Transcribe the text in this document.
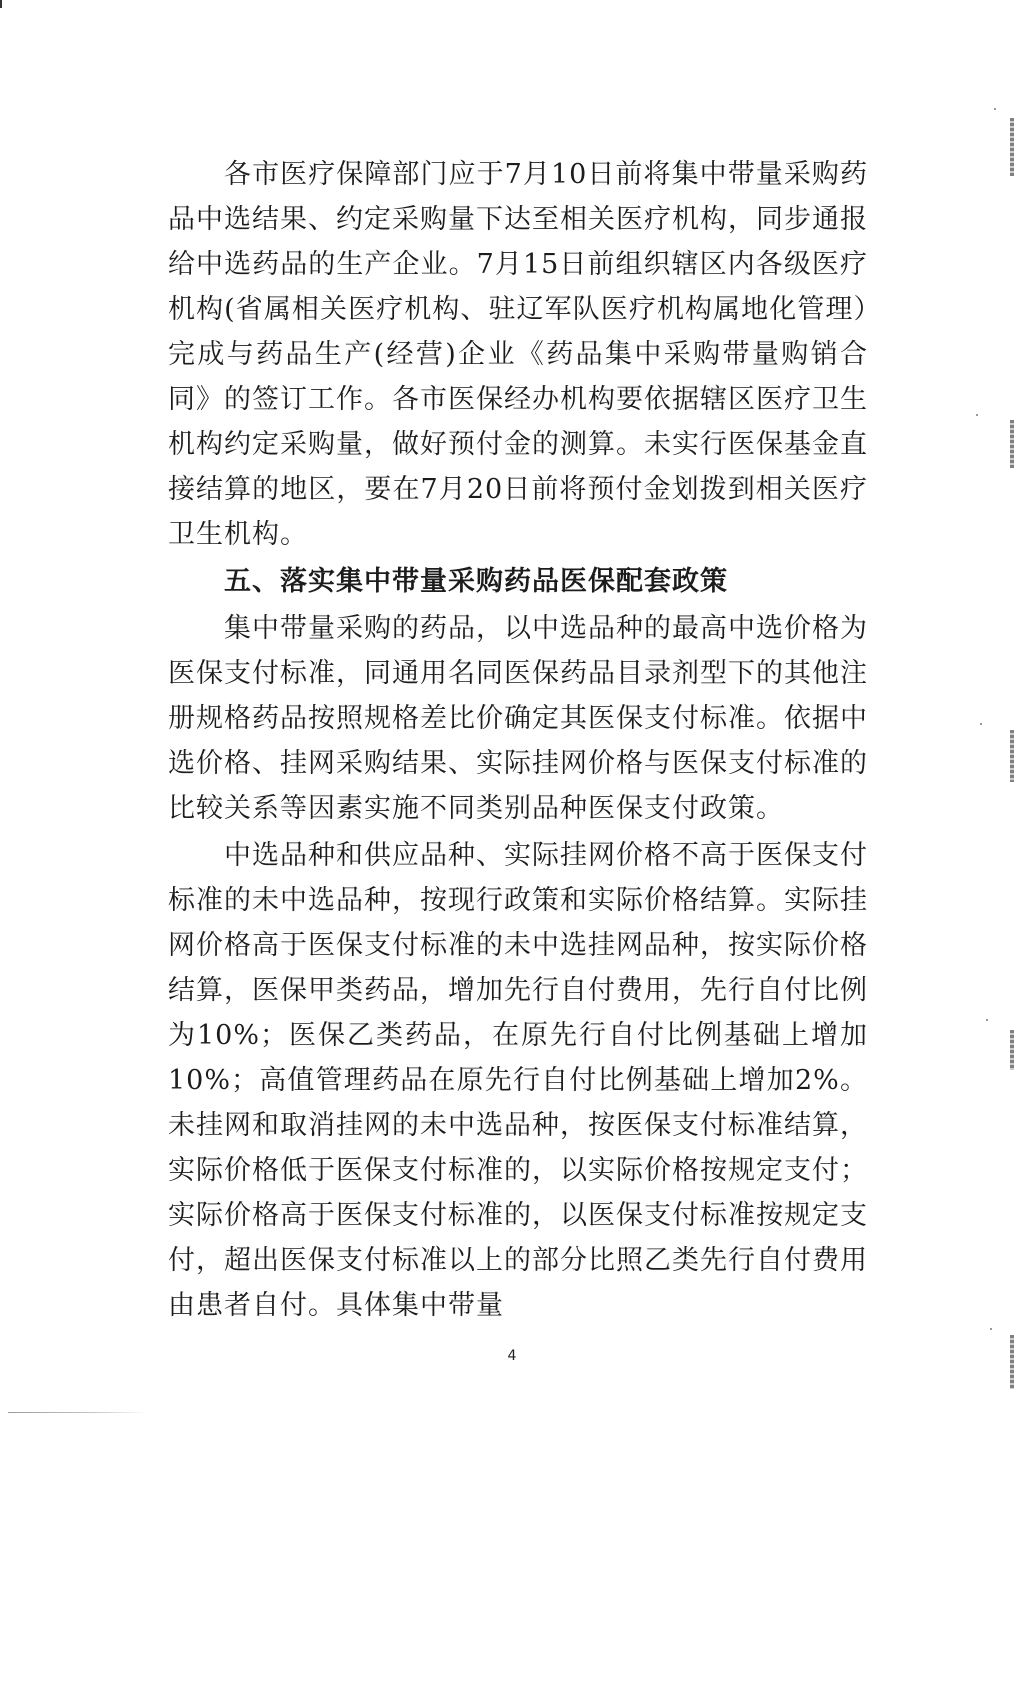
各市医疗保障部门应于7月10日前将集中带量采购药品中选结果、约定采购量下达至相关医疗机构，同步通报给中选药品的生产企业。7月15日前组织辖区内各级医疗机构(省属相关医疗机构、驻辽军队医疗机构属地化管理）完成与药品生产(经营)企业《药品集中采购带量购销合同》的签订工作。各市医保经办机构要依据辖区医疗卫生机构约定采购量，做好预付金的测算。未实行医保基金直接结算的地区，要在7月20日前将预付金划拨到相关医疗卫生机构。

五、落实集中带量采购药品医保配套政策

集中带量采购的药品，以中选品种的最高中选价格为医保支付标准，同通用名同医保药品目录剂型下的其他注册规格药品按照规格差比价确定其医保支付标准。依据中选价格、挂网采购结果、实际挂网价格与医保支付标准的比较关系等因素实施不同类别品种医保支付政策。

中选品种和供应品种、实际挂网价格不高于医保支付标准的未中选品种，按现行政策和实际价格结算。实际挂网价格高于医保支付标准的未中选挂网品种，按实际价格结算，医保甲类药品，增加先行自付费用，先行自付比例为10%；医保乙类药品，在原先行自付比例基础上增加10%；高值管理药品在原先行自付比例基础上增加2%。未挂网和取消挂网的未中选品种，按医保支付标准结算，实际价格低于医保支付标准的，以实际价格按规定支付；实际价格高于医保支付标准的，以医保支付标准按规定支付，超出医保支付标准以上的部分比照乙类先行自付费用由患者自付。具体集中带量

4
